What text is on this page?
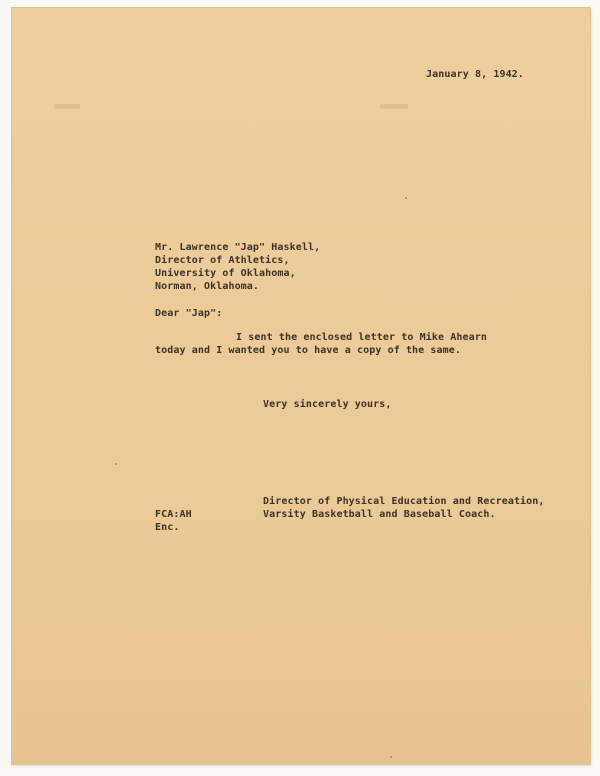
January 8, 1942.
Mr. Lawrence "Jap" Haskell,
Director of Athletics,
University of Oklahoma,
Norman, Oklahoma.
Dear "Jap":
I sent the enclosed letter to Mike Ahearn
today and I wanted you to have a copy of the same.
Very sincerely yours,
Director of Physical Education and Recreation,
Varsity Basketball and Baseball Coach.
FCA:AH
Enc.
